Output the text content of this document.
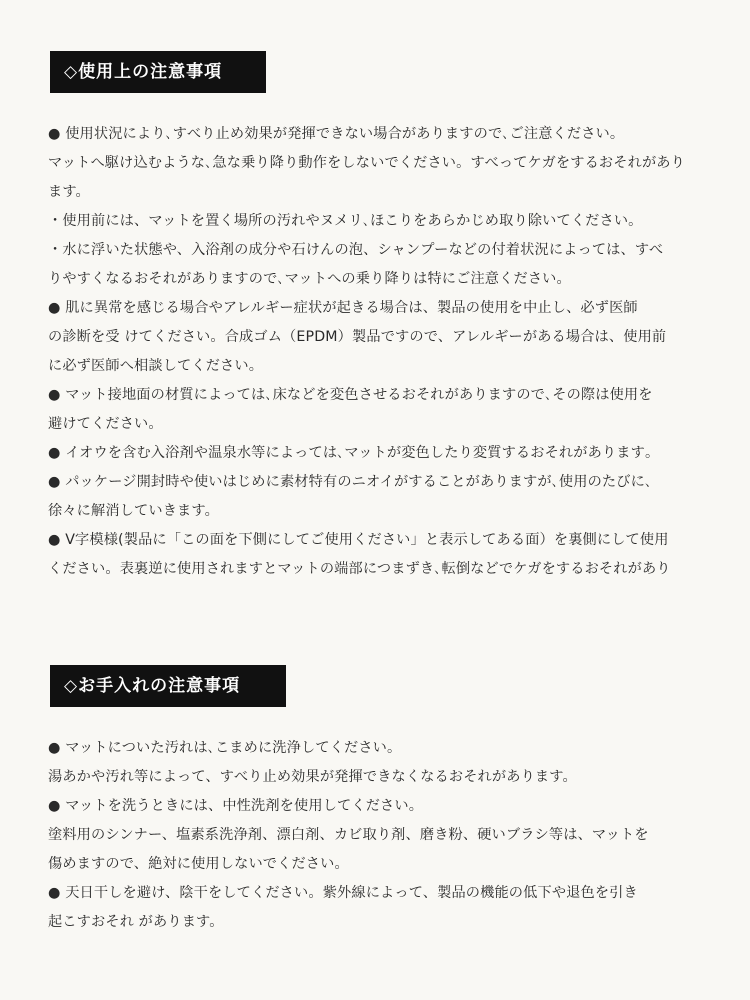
◇使用上の注意事項
● 使用状況により､すべり止め効果が発揮できない場合がありますので､ご注意ください｡
マットへ駆け込むような､急な乗り降り動作をしないでください。すべってケガをするおそれがあり
ます。
・使用前には、マットを置く場所の汚れやヌメリ､ほこりをあらかじめ取り除いてください。
・水に浮いた状態や、入浴剤の成分や石けんの泡、シャンプーなどの付着状況によっては、すべ
りやすくなるおそれがありますので､マットへの乗り降りは特にご注意ください｡
● 肌に異常を感じる場合やアレルギー症状が起きる場合は、製品の使用を中止し、必ず医師
の診断を受 けてください。合成ゴム（EPDM）製品ですので、アレルギーがある場合は、使用前
に必ず医師へ相談してください。
● マット接地面の材質によっては､床などを変色させるおそれがありますので､その際は使用を
避けてください。
● イオウを含む入浴剤や温泉水等によっては､マットが変色したり変質するおそれがあります｡
● パッケージ開封時や使いはじめに素材特有のニオイがすることがありますが､使用のたびに､
徐々に解消していきます。
● V字模様(製品に「この面を下側にしてご使用ください」と表示してある面）を裏側にして使用
ください。表裏逆に使用されますとマットの端部につまずき､転倒などでケガをするおそれがあり
◇お手入れの注意事項
● マットについた汚れは､こまめに洗浄してください。
湯あかや汚れ等によって、すべり止め効果が発揮できなくなるおそれがあります。
● マットを洗うときには、中性洗剤を使用してください。
塗料用のシンナー、塩素系洗浄剤、漂白剤、カビ取り剤、磨き粉、硬いブラシ等は、マットを
傷めますので、絶対に使用しないでください。
● 天日干しを避け、陰干をしてください。紫外線によって、製品の機能の低下や退色を引き
起こすおそれ があります。
